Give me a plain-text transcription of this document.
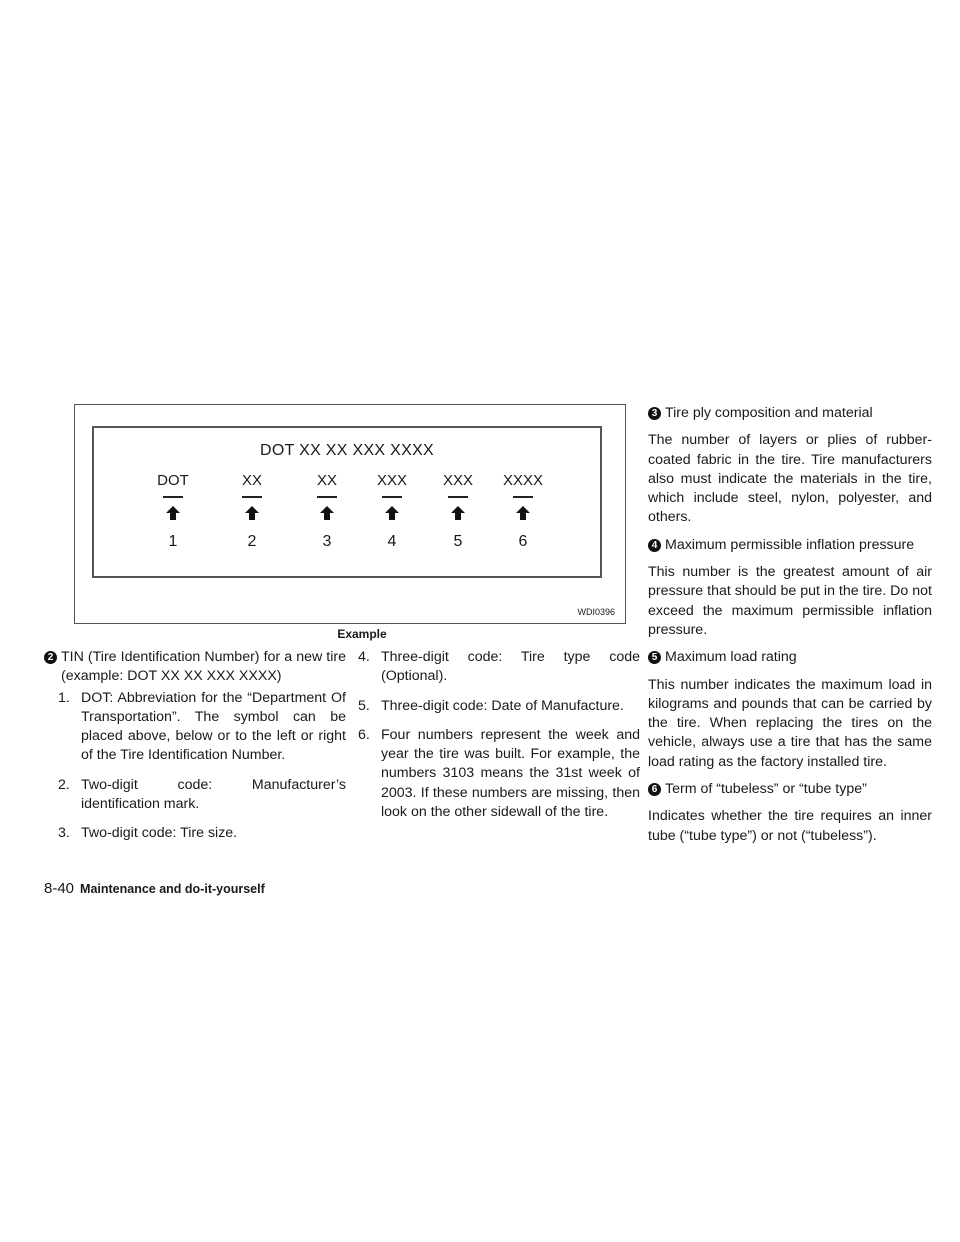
DOT XX XX XXX XXXX
DOT	XX	XX	XXX	XXX	XXXX
1	2	3	4	5	6
WDI0396
Example

2 TIN (Tire Identification Number) for a new tire (example: DOT XX XX XXX XXXX)

1. DOT: Abbreviation for the “Department Of Transportation”. The symbol can be placed above, below or to the left or right of the Tire Identification Number.
2. Two-digit code: Manufacturer’s identification mark.
3. Two-digit code: Tire size.
4. Three-digit code: Tire type code (Optional).
5. Three-digit code: Date of Manufacture.
6. Four numbers represent the week and year the tire was built. For example, the numbers 3103 means the 31st week of 2003. If these numbers are missing, then look on the other sidewall of the tire.

3 Tire ply composition and material

The number of layers or plies of rubber-coated fabric in the tire. Tire manufacturers also must indicate the materials in the tire, which include steel, nylon, polyester, and others.

4 Maximum permissible inflation pressure

This number is the greatest amount of air pressure that should be put in the tire. Do not exceed the maximum permissible inflation pressure.

5 Maximum load rating

This number indicates the maximum load in kilograms and pounds that can be carried by the tire. When replacing the tires on the vehicle, always use a tire that has the same load rating as the factory installed tire.

6 Term of “tubeless” or “tube type”

Indicates whether the tire requires an inner tube (“tube type”) or not (“tubeless”).

8-40 Maintenance and do-it-yourself
